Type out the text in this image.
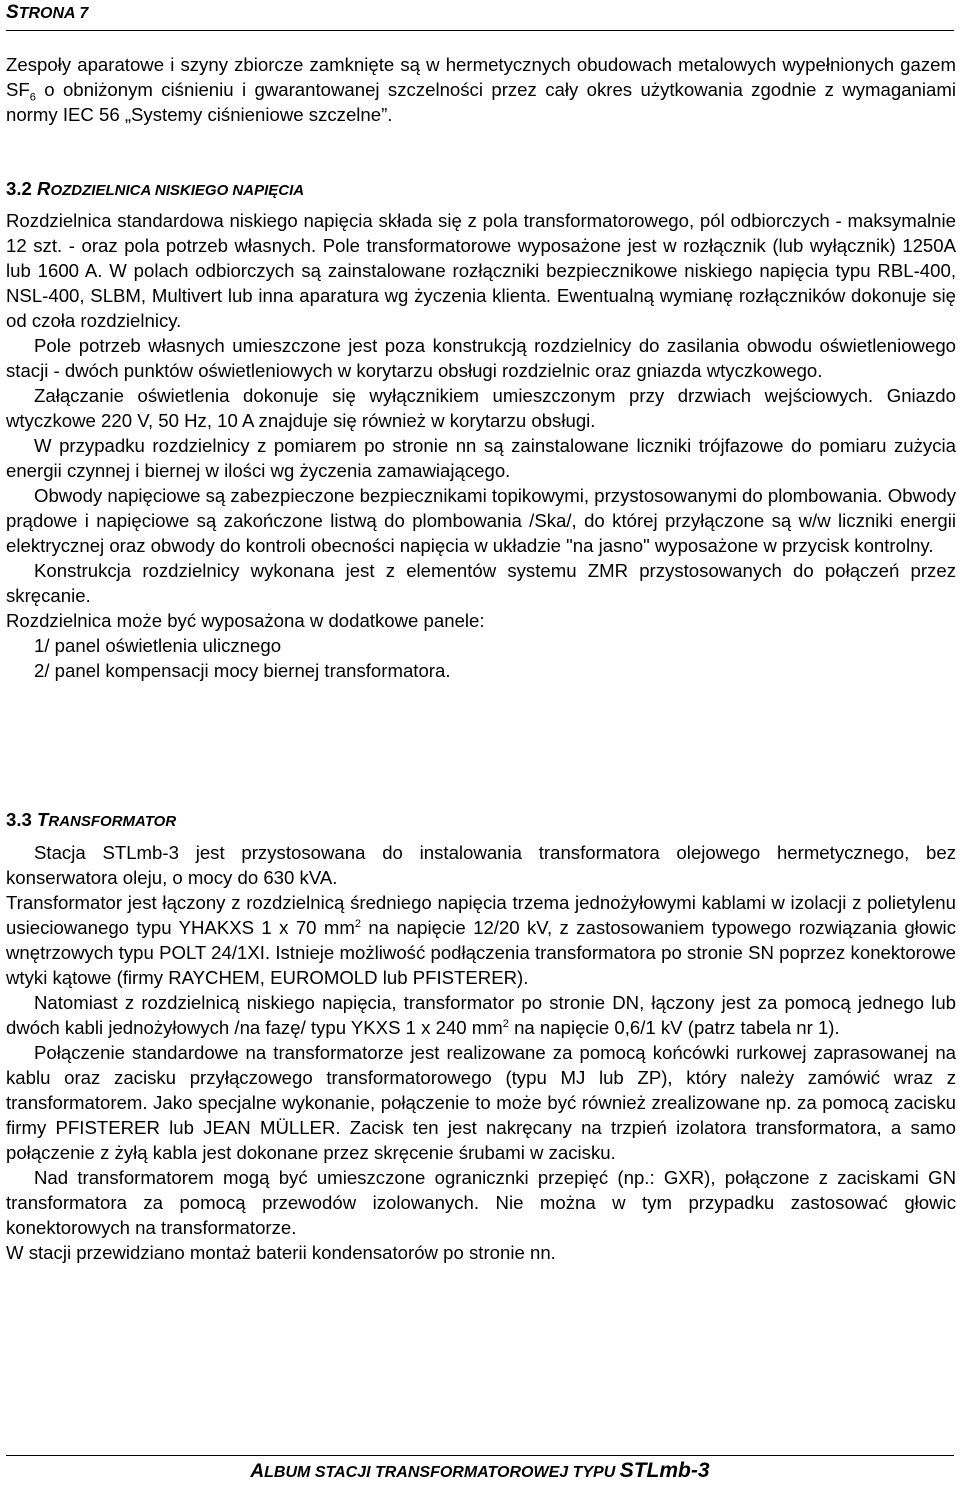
STRONA 7

Zespoły aparatowe i szyny zbiorcze zamknięte są w hermetycznych obudowach metalowych wypełnionych gazem $SF_6$ o obniżonym ciśnieniu i gwarantowanej szczelności przez cały okres użytkowania zgodnie z wymaganiami normy IEC 56 „Systemy ciśnieniowe szczelne”.

3.2 ROZDZIELNICA NISKIEGO NAPIĘCIA

Rozdzielnica standardowa niskiego napięcia składa się z pola transformatorowego, pól odbiorczych - maksymalnie 12 szt. - oraz pola potrzeb własnych. Pole transformatorowe wyposażone jest w rozłącznik (lub wyłącznik) 1250A lub 1600 A. W polach odbiorczych są zainstalowane rozłączniki bezpiecznikowe niskiego napięcia typu RBL-400, NSL-400, SLBM, Multivert lub inna aparatura wg życzenia klienta. Ewentualną wymianę rozłączników dokonuje się od czoła rozdzielnicy.

Pole potrzeb własnych umieszczone jest poza konstrukcją rozdzielnicy do zasilania obwodu oświetleniowego stacji - dwóch punktów oświetleniowych w korytarzu obsługi rozdzielnic oraz gniazda wtyczkowego.

Załączanie oświetlenia dokonuje się wyłącznikiem umieszczonym przy drzwiach wejściowych. Gniazdo wtyczkowe 220 V, 50 Hz, 10 A znajduje się również w korytarzu obsługi.

W przypadku rozdzielnicy z pomiarem po stronie nn są zainstalowane liczniki trójfazowe do pomiaru zużycia energii czynnej i biernej w ilości wg życzenia zamawiającego.

Obwody napięciowe są zabezpieczone bezpiecznikami topikowymi, przystosowanymi do plombowania. Obwody prądowe i napięciowe są zakończone listwą do plombowania /Ska/, do której przyłączone są w/w liczniki energii elektrycznej oraz obwody do kontroli obecności napięcia w układzie "na jasno" wyposażone w przycisk kontrolny.

Konstrukcja rozdzielnicy wykonana jest z elementów systemu ZMR przystosowanych do połączeń przez skręcanie.

Rozdzielnica może być wyposażona w dodatkowe panele:

1/ panel oświetlenia ulicznego

2/ panel kompensacji mocy biernej transformatora.

3.3 TRANSFORMATOR

Stacja STLmb-3 jest przystosowana do instalowania transformatora olejowego hermetycznego, bez konserwatora oleju, o mocy do 630 kVA.

Transformator jest łączony z rozdzielnicą średniego napięcia trzema jednożyłowymi kablami w izolacji z polietylenu usieciowanego typu YHAKXS 1 x 70 $mm^2$ na napięcie 12/20 kV, z zastosowaniem typowego rozwiązania głowic wnętrzowych typu POLT 24/1XI. Istnieje możliwość podłączenia transformatora po stronie SN poprzez konektorowe wtyki kątowe (firmy RAYCHEM, EUROMOLD lub PFISTERER).

Natomiast z rozdzielnicą niskiego napięcia, transformator po stronie DN, łączony jest za pomocą jednego lub dwóch kabli jednożyłowych /na fazę/ typu YKXS 1 x 240 $mm^2$ na napięcie 0,6/1 kV (patrz tabela nr 1).

Połączenie standardowe na transformatorze jest realizowane za pomocą końcówki rurkowej zaprasowanej na kablu oraz zacisku przyłączowego transformatorowego (typu MJ lub ZP), który należy zamówić wraz z transformatorem. Jako specjalne wykonanie, połączenie to może być również zrealizowane np. za pomocą zacisku firmy PFISTERER lub JEAN MÜLLER. Zacisk ten jest nakręcany na trzpień izolatora transformatora, a samo połączenie z żyłą kabla jest dokonane przez skręcenie śrubami w zacisku.

Nad transformatorem mogą być umieszczone ogranicznki przepięć (np.: GXR), połączone z zaciskami GN transformatora za pomocą przewodów izolowanych. Nie można w tym przypadku zastosować głowic konektorowych na transformatorze.

W stacji przewidziano montaż baterii kondensatorów po stronie nn.

ALBUM STACJI TRANSFORMATOROWEJ TYPU STLmb-3
